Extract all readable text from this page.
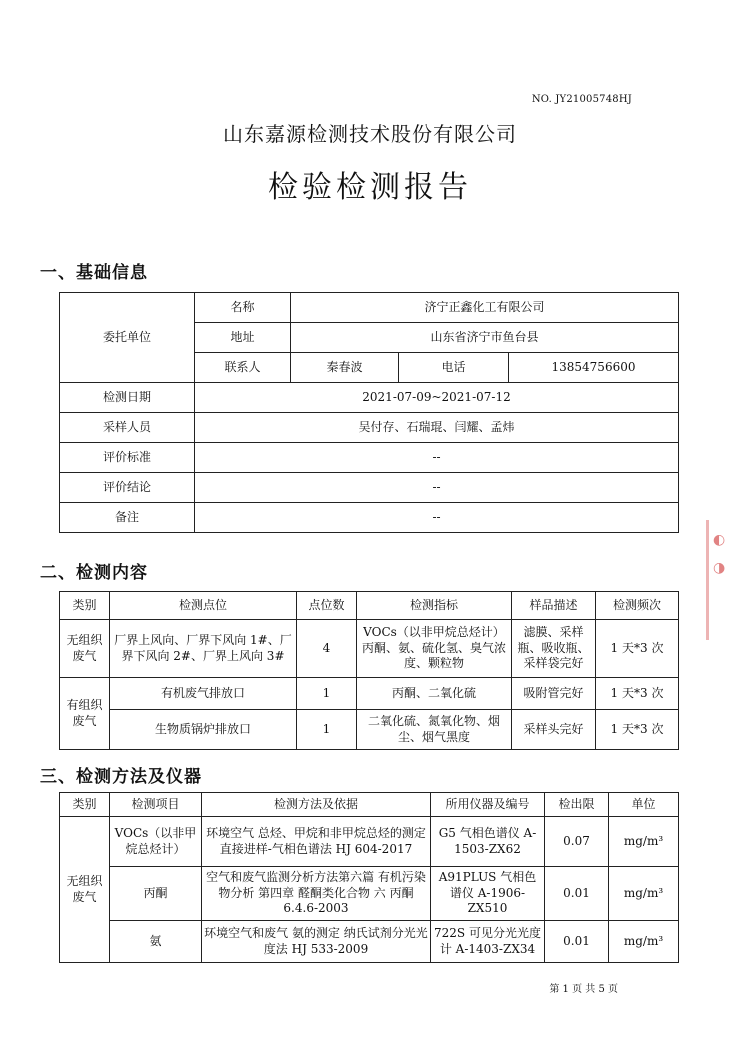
NO. JY21005748HJ
山东嘉源检测技术股份有限公司
检验检测报告
一、基础信息
委托单位	名称	济宁正鑫化工有限公司		
	地址	山东省济宁市鱼台县		
	联系人	秦春波	电话	13854756600
检测日期	2021-07-09~2021-07-12			
采样人员	吴付存、石瑞琨、闫耀、孟炜			
评价标准	--			
评价结论	--			
备注	--			
二、检测内容
类别	检测点位	点位数	检测指标	样品描述	检测频次
无组织废气	厂界上风向、厂界下风向 1#、厂界下风向 2#、厂界上风向 3#	4	VOCs（以非甲烷总烃计）丙酮、氨、硫化氢、臭气浓度、颗粒物	滤膜、采样瓶、吸收瓶、采样袋完好	1 天*3 次
有组织废气	有机废气排放口	1	丙酮、二氧化硫	吸附管完好	1 天*3 次
	生物质锅炉排放口	1	二氧化硫、氮氧化物、烟尘、烟气黑度	采样头完好	1 天*3 次
三、检测方法及仪器
类别	检测项目	检测方法及依据	所用仪器及编号	检出限	单位
无组织废气	VOCs（以非甲烷总烃计）	环境空气 总烃、甲烷和非甲烷总烃的测定 直接进样-气相色谱法 HJ 604-2017	G5 气相色谱仪 A-1503-ZX62	0.07	mg/m³
	丙酮	空气和废气监测分析方法第六篇 有机污染物分析 第四章 醛酮类化合物 六 丙酮 6.4.6-2003	A91PLUS 气相色谱仪 A-1906-ZX510	0.01	mg/m³
	氨	环境空气和废气 氨的测定 纳氏试剂分光光度法 HJ 533-2009	722S 可见分光光度计 A-1403-ZX34	0.01	mg/m³
◐
◑
第 1 页 共 5 页
